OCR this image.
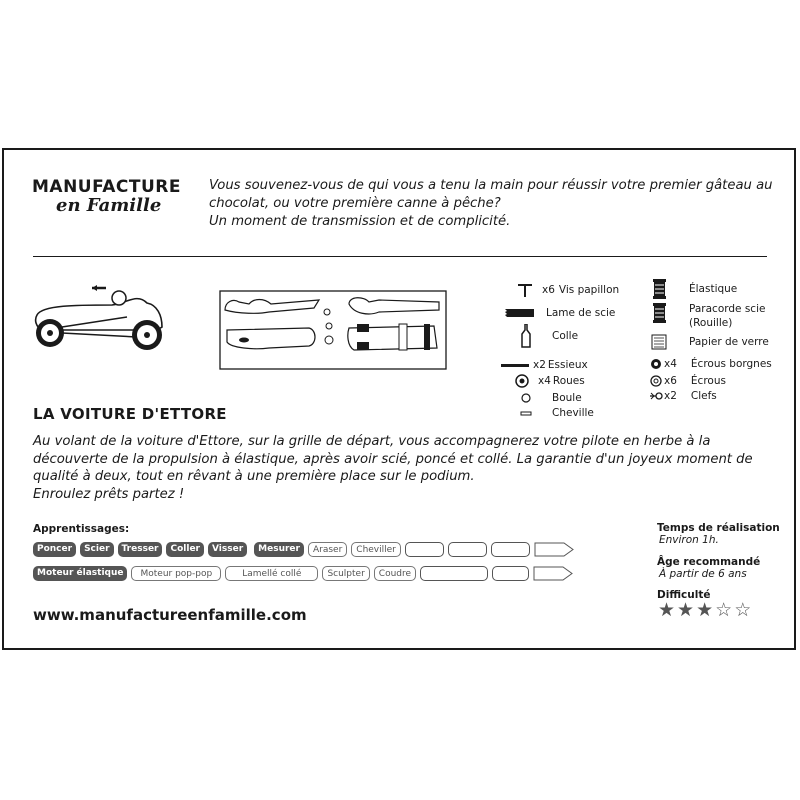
MANUFACTURE
en Famille
Vous souvenez-vous de qui vous a tenu la main pour réussir votre premier gâteau au
chocolat, ou votre première canne à pêche?
Un moment de transmission et de complicité.
x6 Vis papillon
Lame de scie
Colle
x2 Essieux
x4 Roues
Boule
Cheville
Élastique
Paracorde scie
(Rouille)
Papier de verre
x4 Écrous borgnes
x6 Écrous
x2 Clefs
LA VOITURE D'ETTORE
Au volant de la voiture d'Ettore, sur la grille de départ, vous accompagnerez votre pilote en herbe à la
découverte de la propulsion à élastique, après avoir scié, poncé et collé. La garantie d'un joyeux moment de
qualité à deux, tout en rêvant à une première place sur le podium.
Enroulez prêts partez !
Apprentissages:
Poncer	Scier	Tresser	Coller	Visser	Mesurer	Araser	Cheviller
Moteur élastique	Moteur pop-pop	Lamellé collé	Sculpter	Coudre
www.manufactureenfamille.com
Temps de réalisation
Environ 1h.
Âge recommandé
À partir de 6 ans
Difficulté
★ ★ ★ ☆ ☆
